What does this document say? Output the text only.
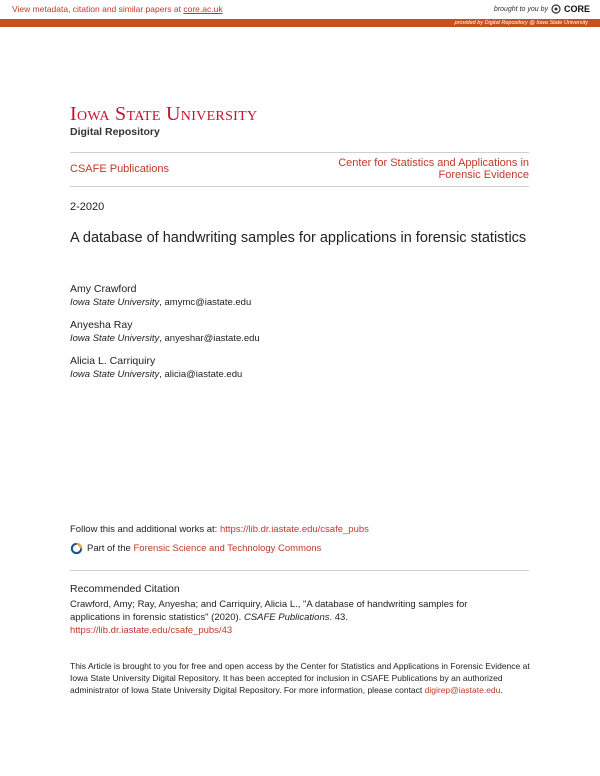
View metadata, citation and similar papers at core.ac.uk	brought to you by CORE
provided by Digital Repository @ Iowa State University
Iowa State University
Digital Repository
CSAFE Publications	Center for Statistics and Applications in Forensic Evidence
2-2020
A database of handwriting samples for applications in forensic statistics
Amy Crawford
Iowa State University, amymc@iastate.edu
Anyesha Ray
Iowa State University, anyeshar@iastate.edu
Alicia L. Carriquiry
Iowa State University, alicia@iastate.edu
Follow this and additional works at: https://lib.dr.iastate.edu/csafe_pubs
Part of the Forensic Science and Technology Commons
Recommended Citation
Crawford, Amy; Ray, Anyesha; and Carriquiry, Alicia L., "A database of handwriting samples for applications in forensic statistics" (2020). CSAFE Publications. 43.
https://lib.dr.iastate.edu/csafe_pubs/43
This Article is brought to you for free and open access by the Center for Statistics and Applications in Forensic Evidence at Iowa State University Digital Repository. It has been accepted for inclusion in CSAFE Publications by an authorized administrator of Iowa State University Digital Repository. For more information, please contact digirep@iastate.edu.
